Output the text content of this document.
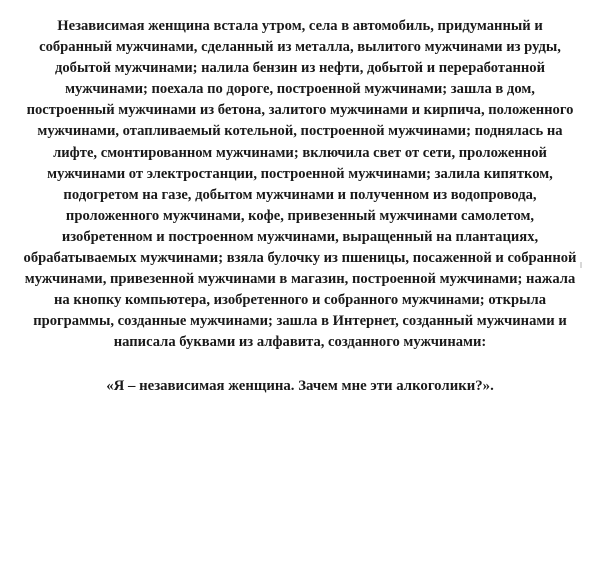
Независимая женщина встала утром, села в автомобиль, придуманный и собранный мужчинами, сделанный из металла, вылитого мужчинами из руды, добытой мужчинами; налила бензин из нефти, добытой и переработанной мужчинами; поехала по дороге, построенной мужчинами; зашла в дом, построенный мужчинами из бетона, залитого мужчинами и кирпича, положенного мужчинами, отапливаемый котельной, построенной мужчинами; поднялась на лифте, смонтированном мужчинами; включила свет от сети, проложенной мужчинами от электростанции, построенной мужчинами; залила кипятком, подогретом на газе, добытом мужчинами и полученном из водопровода, проложенного мужчинами, кофе, привезенный мужчинами самолетом, изобретенном и построенном мужчинами, выращенный на плантациях, обрабатываемых мужчинами; взяла булочку из пшеницы, посаженной и собранной мужчинами, привезенной мужчинами в магазин, построенной мужчинами; нажала на кнопку компьютера, изобретенного и собранного мужчинами; открыла программы, созданные мужчинами; зашла в Интернет, созданный мужчинами и написала буквами из алфавита, созданного мужчинами:
«Я – независимая женщина. Зачем мне эти алкоголики?».
